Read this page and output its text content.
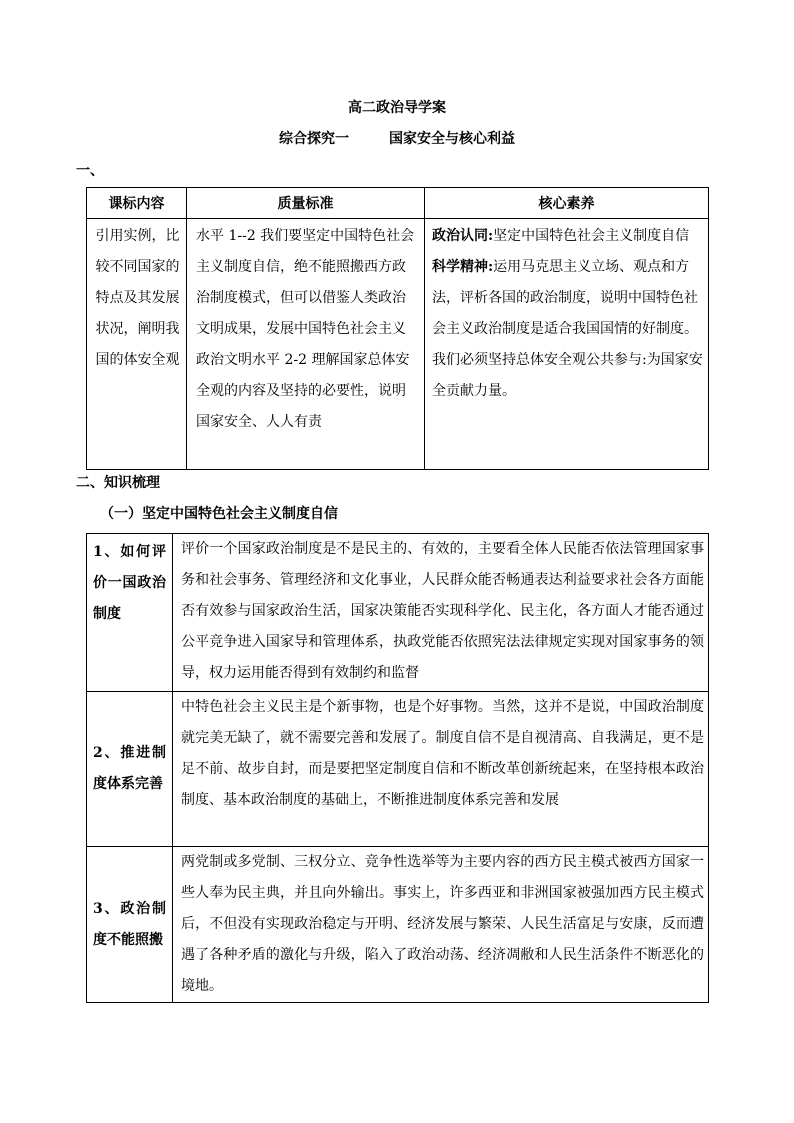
高二政治导学案
综合探究一	国家安全与核心利益
一、
课标内容	质量标准	核心素养
引用实例，比较不同国家的特点及其发展状况，阐明我国的体安全观	水平 1--2 我们要坚定中国特色社会主义制度自信，绝不能照搬西方政治制度模式，但可以借鉴人类政治文明成果，发展中国特色社会主义政治文明水平 2-2 理解国家总体安全观的内容及坚持的必要性，说明国家安全、人人有责	政治认同:坚定中国特色社会主义制度自信
科学精神:运用马克思主义立场、观点和方法，评析各国的政治制度，说明中国特色社会主义政治制度是适合我国国情的好制度。我们必须坚持总体安全观公共参与:为国家安全贡献力量。
二、知识梳理
（一）坚定中国特色社会主义制度自信
1、如何评价一国政治制度	评价一个国家政治制度是不是民主的、有效的，主要看全体人民能否依法管理国家事务和社会事务、管理经济和文化事业，人民群众能否畅通表达利益要求社会各方面能否有效参与国家政治生活，国家决策能否实现科学化、民主化，各方面人才能否通过公平竞争进入国家导和管理体系，执政党能否依照宪法法律规定实现对国家事务的领导，权力运用能否得到有效制约和监督
2、推进制度体系完善	中特色社会主义民主是个新事物，也是个好事物。当然，这并不是说，中国政治制度就完美无缺了，就不需要完善和发展了。制度自信不是自视清高、自我满足，更不是足不前、故步自封，而是要把坚定制度自信和不断改革创新统起来，在坚持根本政治制度、基本政治制度的基础上，不断推进制度体系完善和发展
3、政治制度不能照搬	两党制或多党制、三权分立、竞争性选举等为主要内容的西方民主模式被西方国家一些人奉为民主典，并且向外输出。事实上，许多西亚和非洲国家被强加西方民主模式后，不但没有实现政治稳定与开明、经济发展与繁荣、人民生活富足与安康，反而遭遇了各种矛盾的激化与升级，陷入了政治动荡、经济凋敝和人民生活条件不断恶化的境地。
